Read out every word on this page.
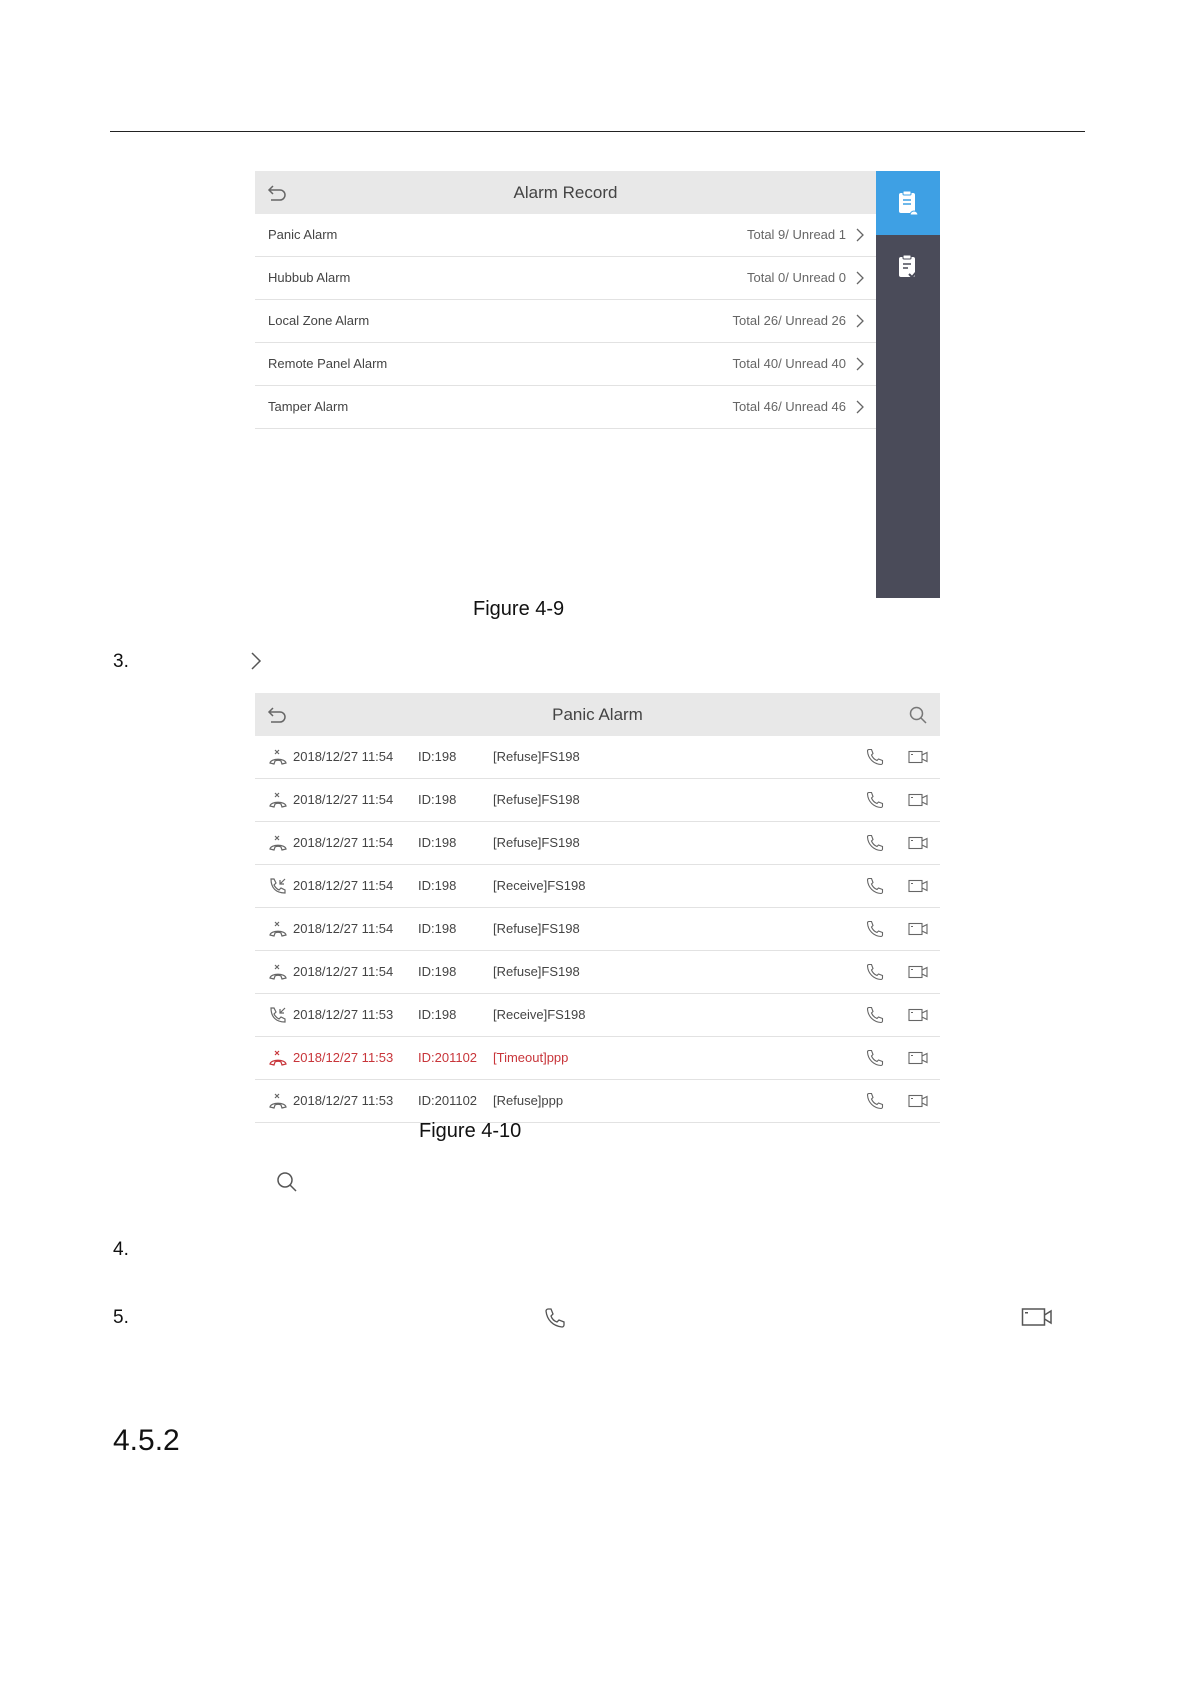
Alarm Record
Panic Alarm	Total 9/ Unread 1
Hubbub Alarm	Total 0/ Unread 0
Local Zone Alarm	Total 26/ Unread 26
Remote Panel Alarm	Total 40/ Unread 40
Tamper Alarm	Total 46/ Unread 46
Figure 4-9
3.
Panic Alarm
2018/12/27 11:54 ID:198	[Refuse]FS198
2018/12/27 11:54 ID:198	[Refuse]FS198
2018/12/27 11:54 ID:198	[Refuse]FS198
2018/12/27 11:54 ID:198	[Receive]FS198
2018/12/27 11:54 ID:198	[Refuse]FS198
2018/12/27 11:54 ID:198	[Refuse]FS198
2018/12/27 11:53 ID:198	[Receive]FS198
2018/12/27 11:53 ID:201102 [Timeout]ppp
2018/12/27 11:53 ID:201102 [Refuse]ppp
Figure 4-10
4.
5.
4.5.2
